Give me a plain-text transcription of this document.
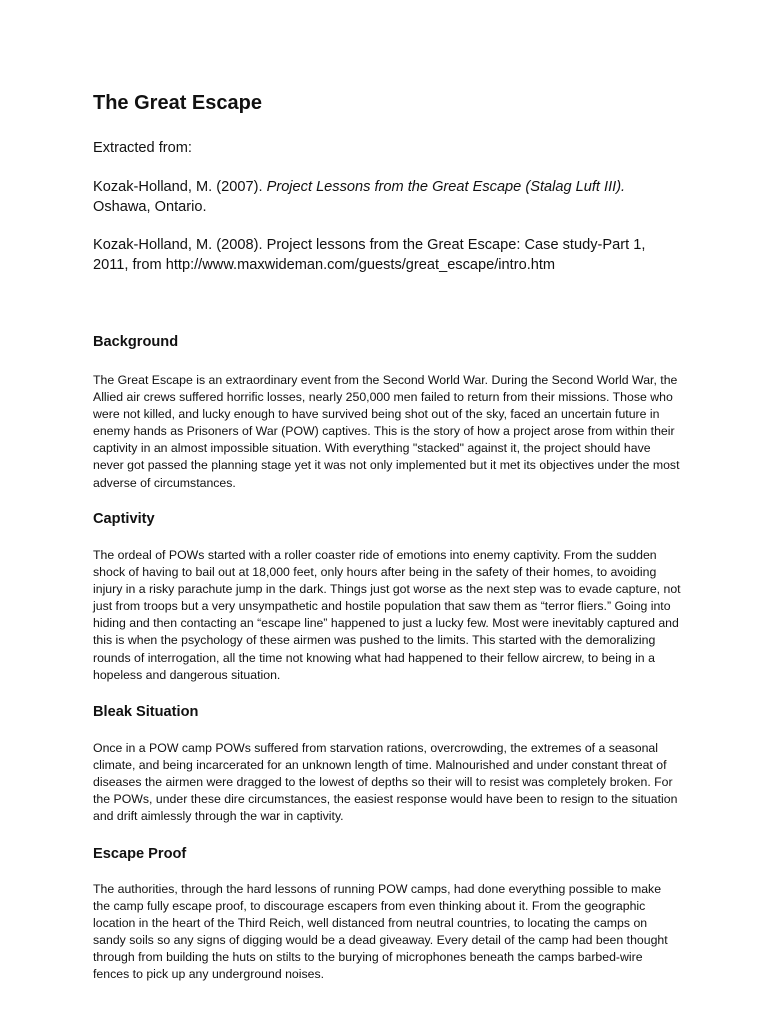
The Great Escape

Extracted from:

Kozak-Holland, M. (2007). Project Lessons from the Great Escape (Stalag Luft III). Oshawa, Ontario.

Kozak-Holland, M. (2008). Project lessons from the Great Escape: Case study-Part 1, 2011, from http://www.maxwideman.com/guests/great_escape/intro.htm

Background

The Great Escape is an extraordinary event from the Second World War. During the Second World War, the Allied air crews suffered horrific losses, nearly 250,000 men failed to return from their missions. Those who were not killed, and lucky enough to have survived being shot out of the sky, faced an uncertain future in enemy hands as Prisoners of War (POW) captives. This is the story of how a project arose from within their captivity in an almost impossible situation. With everything "stacked" against it, the project should have never got passed the planning stage yet it was not only implemented but it met its objectives under the most adverse of circumstances.

Captivity

The ordeal of POWs started with a roller coaster ride of emotions into enemy captivity. From the sudden shock of having to bail out at 18,000 feet, only hours after being in the safety of their homes, to avoiding injury in a risky parachute jump in the dark. Things just got worse as the next step was to evade capture, not just from troops but a very unsympathetic and hostile population that saw them as “terror fliers.” Going into hiding and then contacting an “escape line” happened to just a lucky few. Most were inevitably captured and this is when the psychology of these airmen was pushed to the limits. This started with the demoralizing rounds of interrogation, all the time not knowing what had happened to their fellow aircrew, to being in a hopeless and dangerous situation.

Bleak Situation

Once in a POW camp POWs suffered from starvation rations, overcrowding, the extremes of a seasonal climate, and being incarcerated for an unknown length of time. Malnourished and under constant threat of diseases the airmen were dragged to the lowest of depths so their will to resist was completely broken. For the POWs, under these dire circumstances, the easiest response would have been to resign to the situation and drift aimlessly through the war in captivity.

Escape Proof

The authorities, through the hard lessons of running POW camps, had done everything possible to make the camp fully escape proof, to discourage escapers from even thinking about it. From the geographic location in the heart of the Third Reich, well distanced from neutral countries, to locating the camps on sandy soils so any signs of digging would be a dead giveaway. Every detail of the camp had been thought through from building the huts on stilts to the burying of microphones beneath the camps barbed-wire fences to pick up any underground noises.
